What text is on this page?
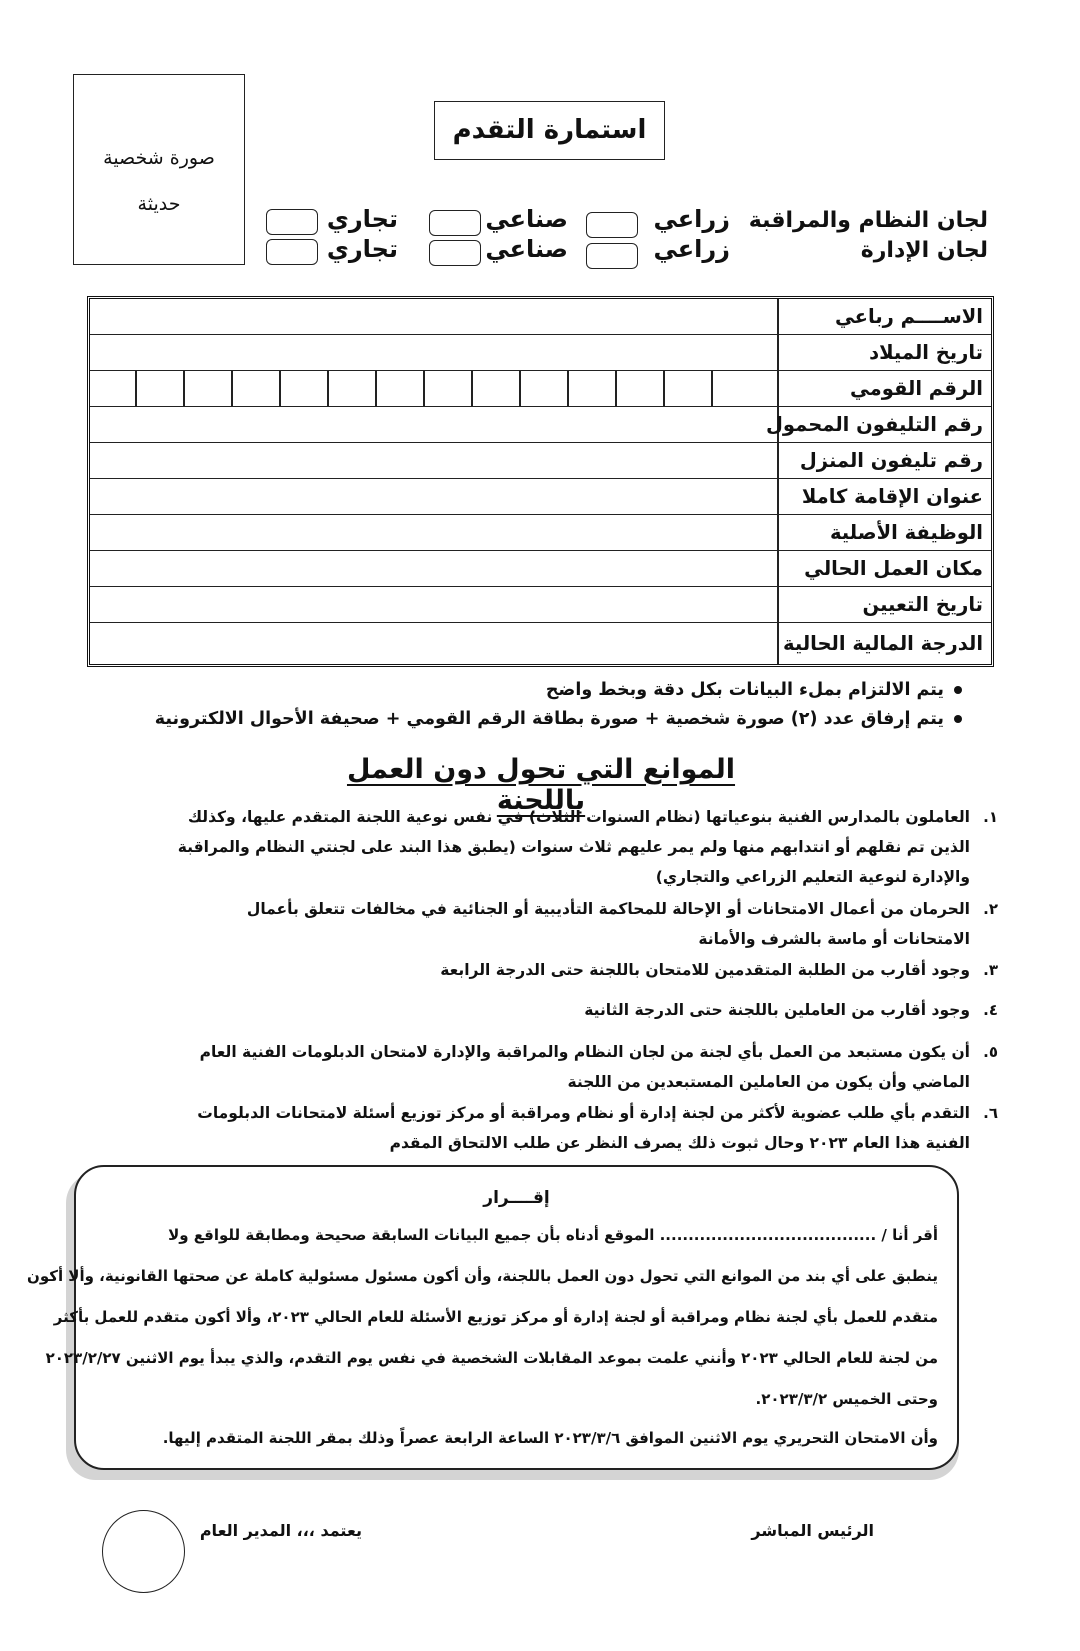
صورة شخصية
حديثة
استمارة التقدم
لجان النظام والمراقبة
لجان الإدارة
زراعي
صناعي
تجاري
زراعي
صناعي
تجاري
الاســــم رباعي
تاريخ الميلاد
الرقم القومي
رقم التليفون المحمول
رقم تليفون المنزل
عنوان الإقامة كاملا
الوظيفة الأصلية
مكان العمل الحالي
تاريخ التعيين
الدرجة المالية الحالية
يتم الالتزام بملء البيانات بكل دقة وبخط واضح
يتم إرفاق عدد (٢) صورة شخصية + صورة بطاقة الرقم القومي + صحيفة الأحوال الالكترونية
الموانع التي تحول دون العمل باللجنة
١.
العاملون بالمدارس الفنية بنوعياتها (نظام السنوات الثلاث) في نفس نوعية اللجنة المتقدم عليها، وكذلك
الذين تم نقلهم أو انتدابهم منها ولم يمر عليهم ثلاث سنوات (يطبق هذا البند على لجنتي النظام والمراقبة
والإدارة لنوعية التعليم الزراعي والتجاري)
٢.
الحرمان من أعمال الامتحانات أو الإحالة للمحاكمة التأديبية أو الجنائية في مخالفات تتعلق بأعمال
الامتحانات أو ماسة بالشرف والأمانة
٣.
وجود أقارب من الطلبة المتقدمين للامتحان باللجنة حتى الدرجة الرابعة
٤.
وجود أقارب من العاملين باللجنة حتى الدرجة الثانية
٥.
أن يكون مستبعد من العمل بأي لجنة من لجان النظام والمراقبة والإدارة لامتحان الدبلومات الفنية العام
الماضي وأن يكون من العاملين المستبعدين من اللجنة
٦.
التقدم بأي طلب عضوية لأكثر من لجنة إدارة أو نظام ومراقبة أو مركز توزيع أسئلة لامتحانات الدبلومات
الفنية هذا العام ٢٠٢٣ وحال ثبوت ذلك يصرف النظر عن طلب الالتحاق المقدم
إقــــرار
أقر أنا / ...................................... الموقع أدناه بأن جميع البيانات السابقة صحيحة ومطابقة للواقع ولا
ينطبق على أي بند من الموانع التي تحول دون العمل باللجنة، وأن أكون مسئول مسئولية كاملة عن صحتها القانونية، وألا أكون
متقدم للعمل بأي لجنة نظام ومراقبة أو لجنة إدارة أو مركز توزيع الأسئلة للعام الحالي ٢٠٢٣، وألا أكون متقدم للعمل بأكثر
من لجنة للعام الحالي ٢٠٢٣ وأنني علمت بموعد المقابلات الشخصية في نفس يوم التقدم، والذي يبدأ يوم الاثنين ٢٠٢٣/٢/٢٧
وحتى الخميس ٢٠٢٣/٣/٢.
وأن الامتحان التحريري يوم الاثنين الموافق ٢٠٢٣/٣/٦ الساعة الرابعة عصراً وذلك بمقر اللجنة المتقدم إليها.
الرئيس المباشر
يعتمد ،،، المدير العام
